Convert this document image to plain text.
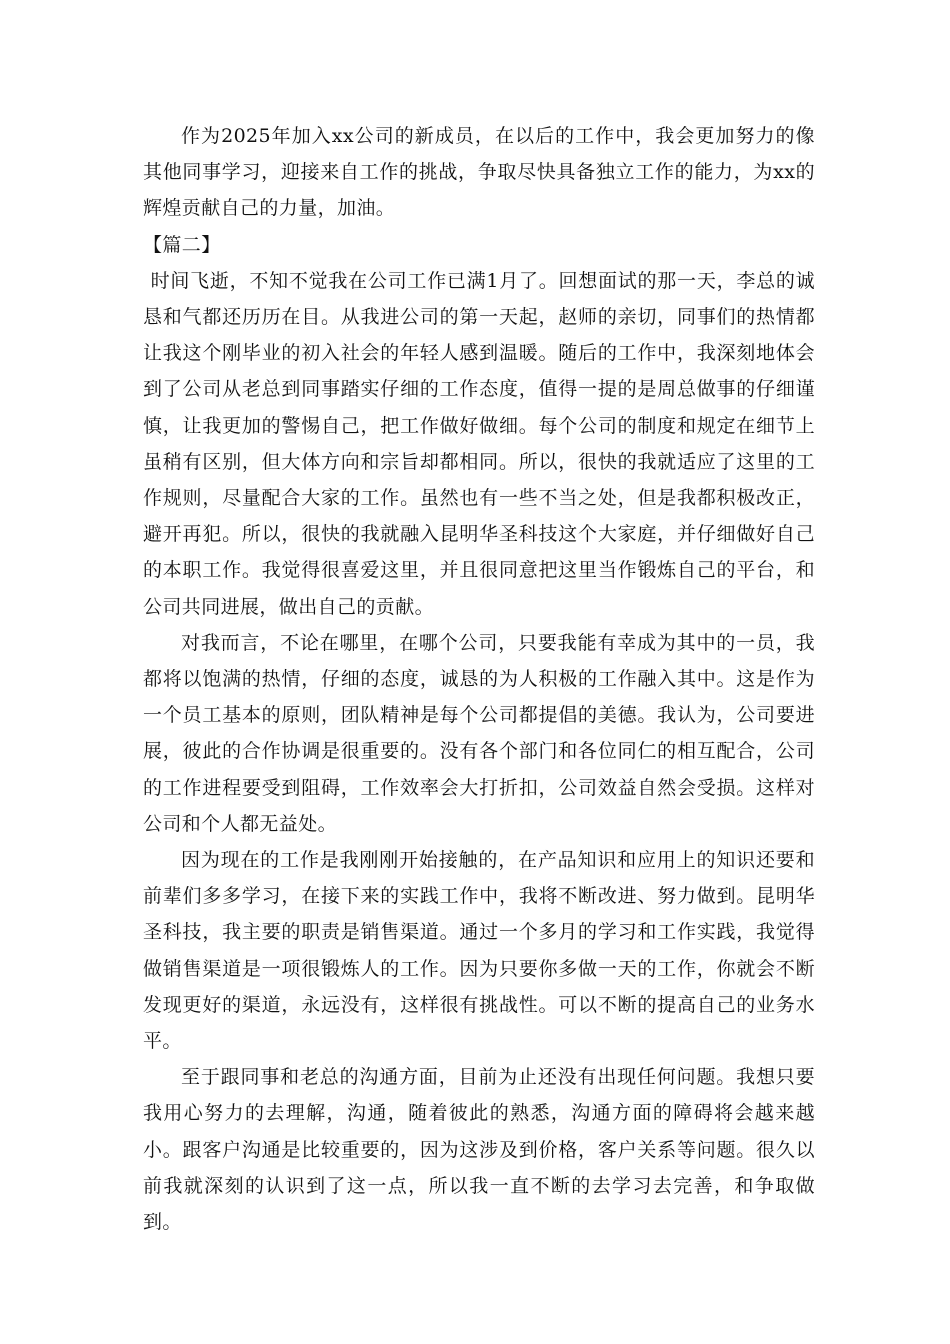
作为2025年加入xx公司的新成员，在以后的工作中，我会更加努力的像其他同事学习，迎接来自工作的挑战，争取尽快具备独立工作的能力，为xx的辉煌贡献自己的力量，加油。

【篇二】

时间飞逝，不知不觉我在公司工作已满1月了。回想面试的那一天，李总的诚恳和气都还历历在目。从我进公司的第一天起，赵师的亲切，同事们的热情都让我这个刚毕业的初入社会的年轻人感到温暖。随后的工作中，我深刻地体会到了公司从老总到同事踏实仔细的工作态度，值得一提的是周总做事的仔细谨慎，让我更加的警惕自己，把工作做好做细。每个公司的制度和规定在细节上虽稍有区别，但大体方向和宗旨却都相同。所以，很快的我就适应了这里的工作规则，尽量配合大家的工作。虽然也有一些不当之处，但是我都积极改正，避开再犯。所以，很快的我就融入昆明华圣科技这个大家庭，并仔细做好自己的本职工作。我觉得很喜爱这里，并且很同意把这里当作锻炼自己的平台，和公司共同进展，做出自己的贡献。

对我而言，不论在哪里，在哪个公司，只要我能有幸成为其中的一员，我都将以饱满的热情，仔细的态度，诚恳的为人积极的工作融入其中。这是作为一个员工基本的原则，团队精神是每个公司都提倡的美德。我认为，公司要进展，彼此的合作协调是很重要的。没有各个部门和各位同仁的相互配合，公司的工作进程要受到阻碍，工作效率会大打折扣，公司效益自然会受损。这样对公司和个人都无益处。

因为现在的工作是我刚刚开始接触的，在产品知识和应用上的知识还要和前辈们多多学习，在接下来的实践工作中，我将不断改进、努力做到。昆明华圣科技，我主要的职责是销售渠道。通过一个多月的学习和工作实践，我觉得做销售渠道是一项很锻炼人的工作。因为只要你多做一天的工作，你就会不断发现更好的渠道，永远没有，这样很有挑战性。可以不断的提高自己的业务水平。

至于跟同事和老总的沟通方面，目前为止还没有出现任何问题。我想只要我用心努力的去理解，沟通，随着彼此的熟悉，沟通方面的障碍将会越来越小。跟客户沟通是比较重要的，因为这涉及到价格，客户关系等问题。很久以前我就深刻的认识到了这一点，所以我一直不断的去学习去完善，和争取做到。
